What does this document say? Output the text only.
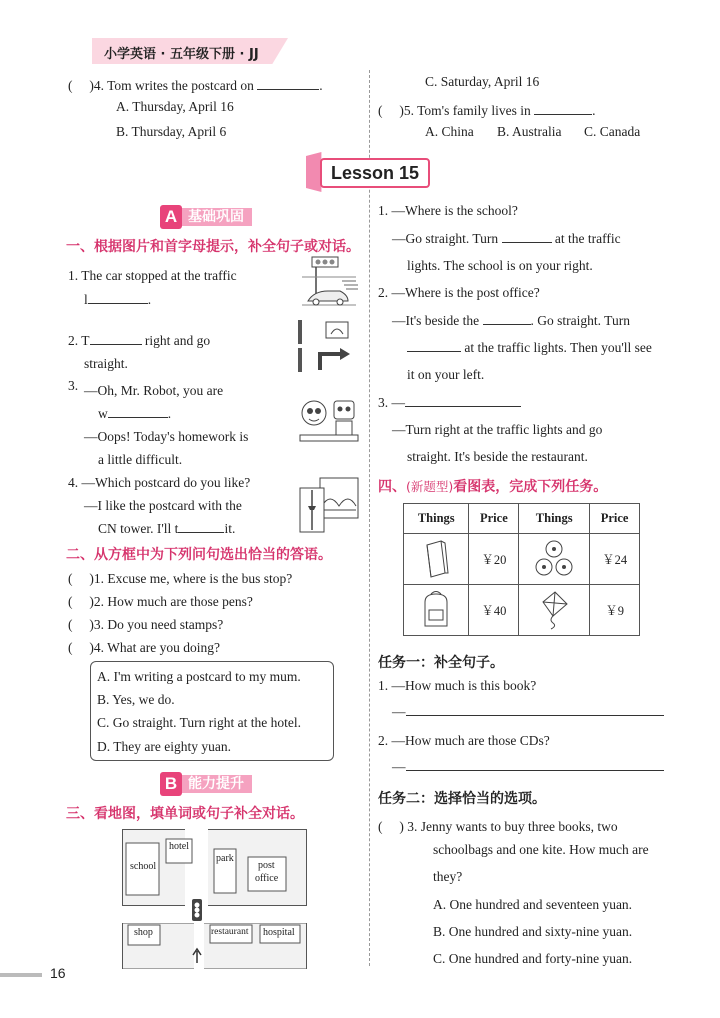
小学英语 · 五年级下册 · JJ
(　 )4. Tom writes the postcard on	.
A. Thursday, April 16
B. Thursday, April 6
C. Saturday, April 16
(　 )5. Tom's family lives in	.
A. China B. Australia C. Canada
Lesson 15
基础巩固
A
一、根据图片和首字母提示，补全句子或对话。
1. The car stopped at the traffic
l	.
2. T	right and go
straight.
3. —Oh, Mr. Robot, you are
w	.
—Oops! Today's homework is
a little difficult.
4. —Which postcard do you like?
—I like the postcard with the
CN tower. I'll t	it.
二、从方框中为下列问句选出恰当的答语。
(　 )1. Excuse me, where is the bus stop?
(　 )2. How much are those pens?
(　 )3. Do you need stamps?
(　 )4. What are you doing?
A. I'm writing a postcard to my mum.
B. Yes, we do.
C. Go straight. Turn right at the hotel.
D. They are eighty yuan.
能力提升
B
三、看地图，填单词或句子补全对话。
school
hotel
park
post
office
shop	restaurant hospital
1. —Where is the school?
—Go straight. Turn	at the traffic
lights. The school is on your right.
2. —Where is the post office?
—It's beside the	. Go straight. Turn
at the traffic lights. Then you'll see
it on your left.
3. —
—Turn right at the traffic lights and go
straight. It's beside the restaurant.
四、(新题型)看图表，完成下列任务。
Things	Price	Things	Price

	￥20		￥24

	￥40		￥9
任务一：补全句子。
1. —How much is this book?
—
2. —How much are those CDs?
—
任务二：选择恰当的选项。
(　 ) 3. Jenny wants to buy three books, two
schoolbags and one kite. How much are
they?
A. One hundred and seventeen yuan.
B. One hundred and sixty-nine yuan.
C. One hundred and forty-nine yuan.
16
